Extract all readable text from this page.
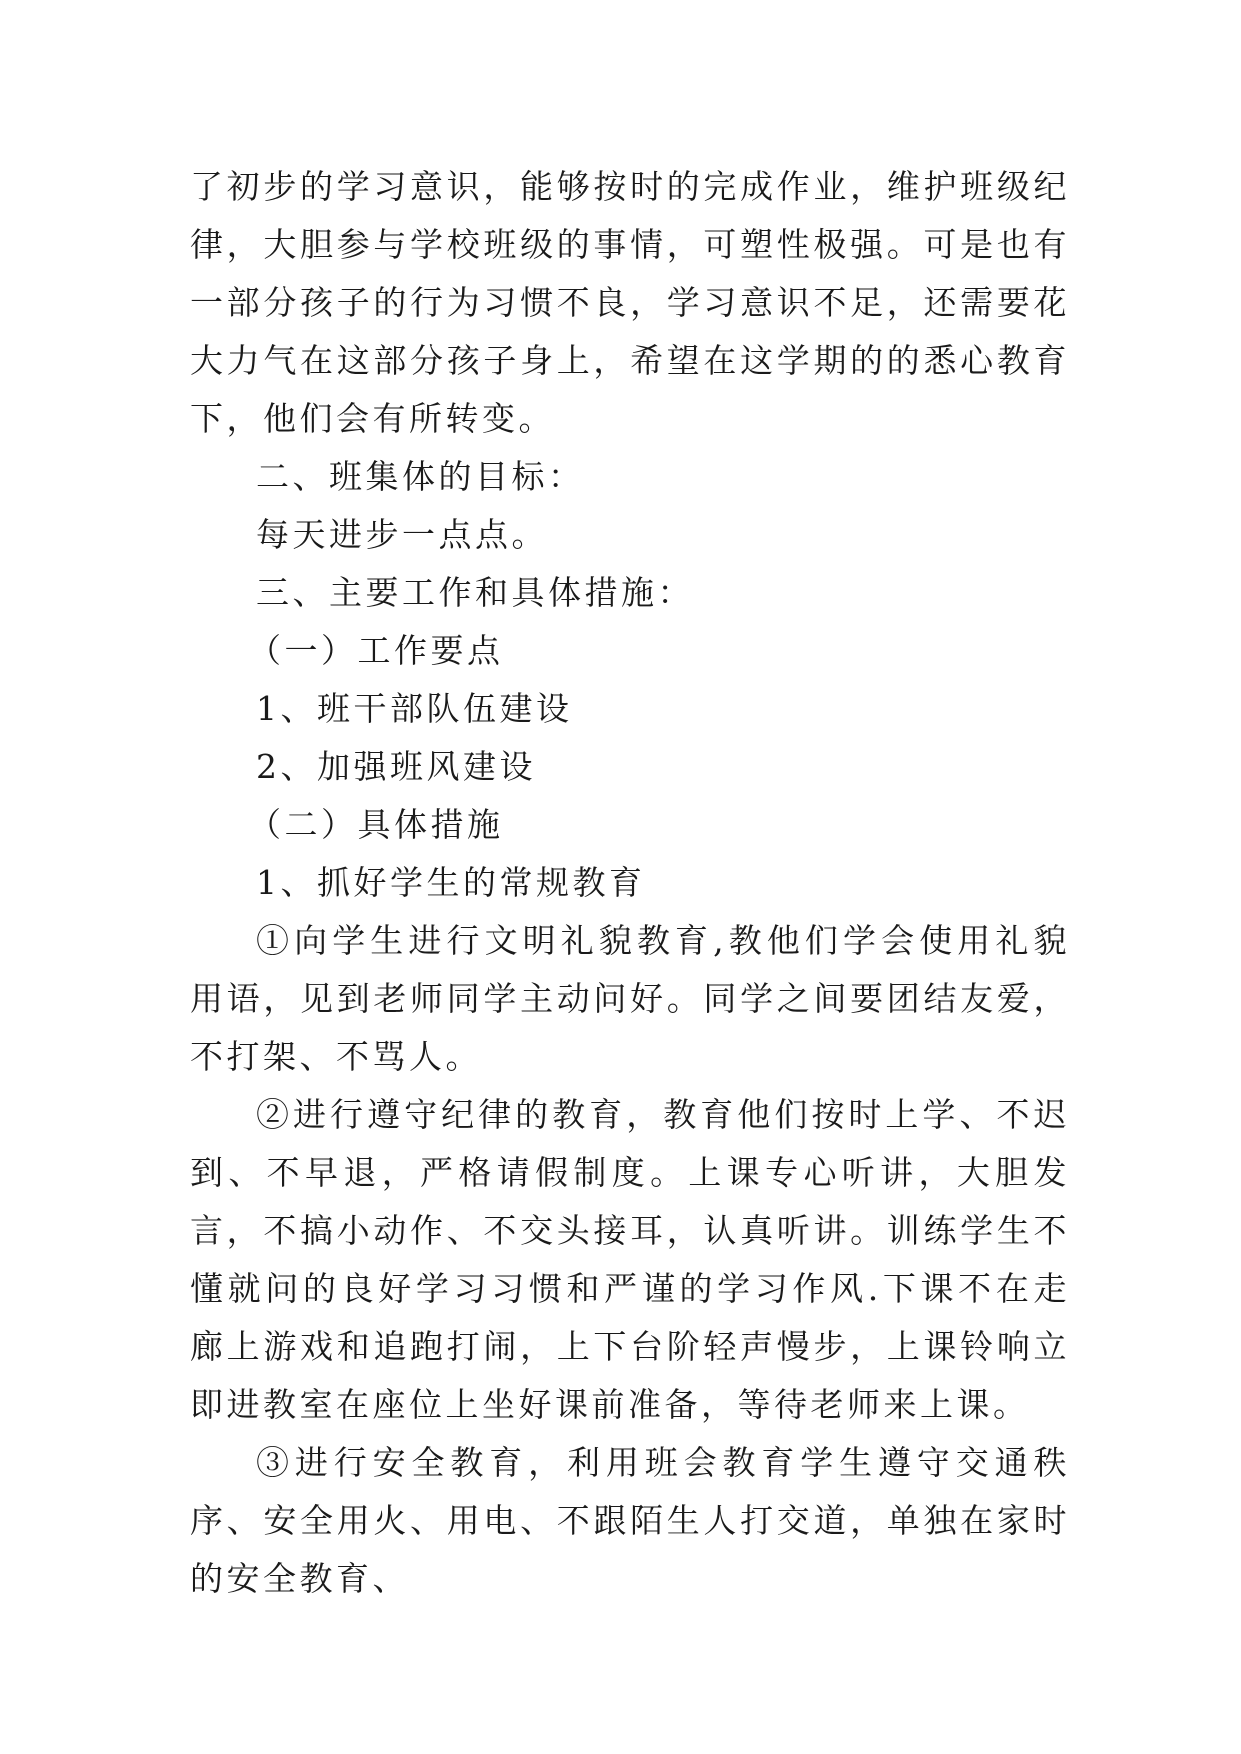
了初步的学习意识，能够按时的完成作业，维护班级纪律，大胆参与学校班级的事情，可塑性极强。可是也有一部分孩子的行为习惯不良，学习意识不足，还需要花大力气在这部分孩子身上，希望在这学期的的悉心教育下，他们会有所转变。

二、班集体的目标：

每天进步一点点。

三、主要工作和具体措施：

（一）工作要点

1、班干部队伍建设

2、加强班风建设

（二）具体措施

1、抓好学生的常规教育

①向学生进行文明礼貌教育,教他们学会使用礼貌用语，见到老师同学主动问好。同学之间要团结友爱，不打架、不骂人。

②进行遵守纪律的教育，教育他们按时上学、不迟到、不早退，严格请假制度。上课专心听讲，大胆发言，不搞小动作、不交头接耳，认真听讲。训练学生不懂就问的良好学习习惯和严谨的学习作风.下课不在走廊上游戏和追跑打闹，上下台阶轻声慢步，上课铃响立即进教室在座位上坐好课前准备，等待老师来上课。

③进行安全教育，利用班会教育学生遵守交通秩序、安全用火、用电、不跟陌生人打交道，单独在家时的安全教育、
